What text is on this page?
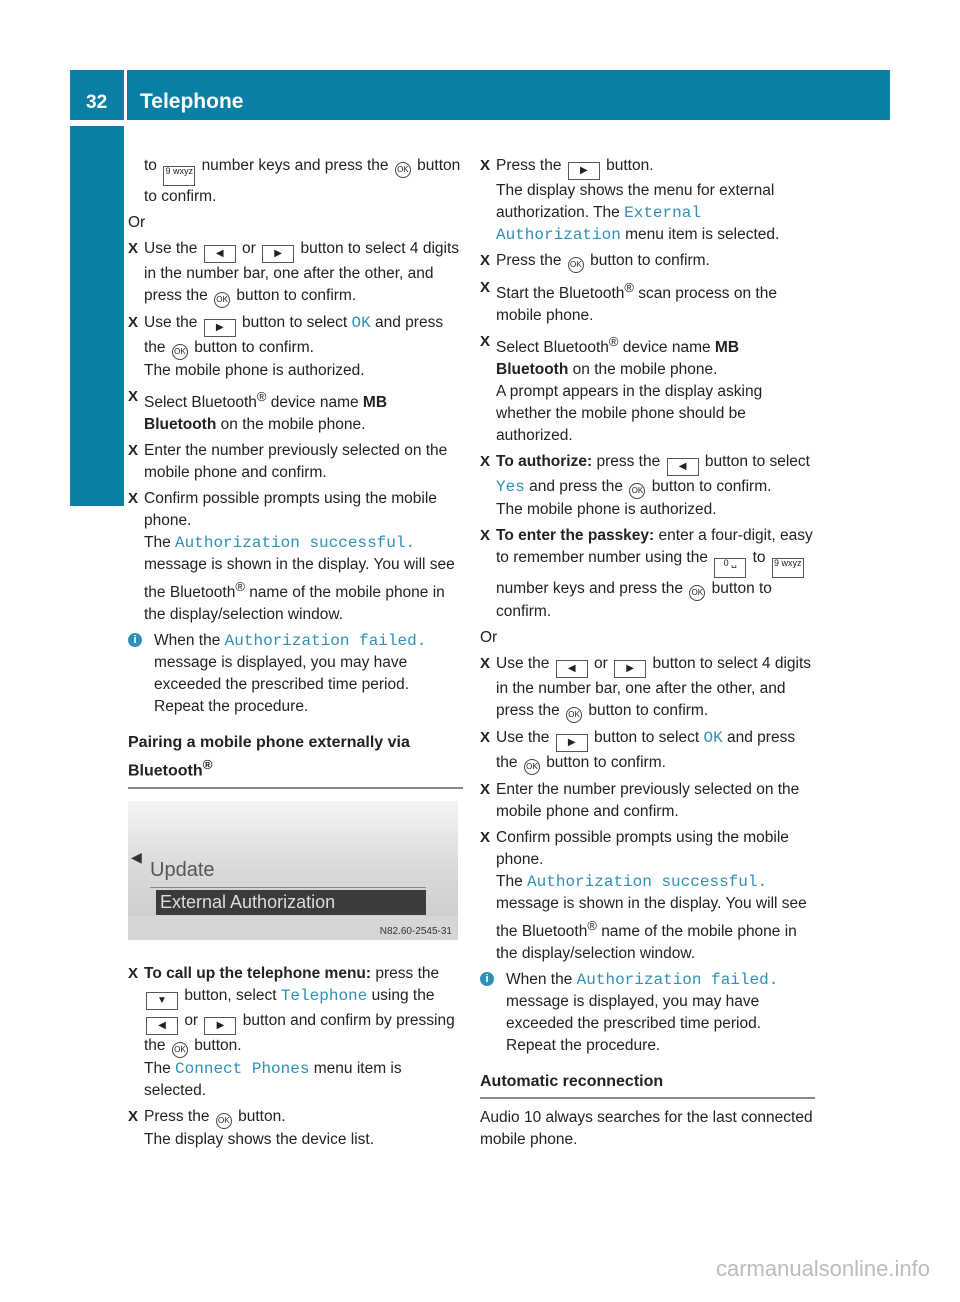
32 Telephone
Bluetooth®

to 9 wxyz number keys and press the OK button to confirm.

Or

X Use the ◀ or ▶ button to select 4 digits in the number bar, one after the other, and press the OK button to confirm.
X Use the ▶ button to select OK and press the OK button to confirm.
The mobile phone is authorized.
X Select Bluetooth® device name MB Bluetooth on the mobile phone.
X Enter the number previously selected on the mobile phone and confirm.
X Confirm possible prompts using the mobile phone.
The Authorization successful. message is shown in the display. You will see the Bluetooth® name of the mobile phone in the display/selection window.
i	When the Authorization failed. message is displayed, you may have exceeded the prescribed time period. Repeat the procedure.
Pairing a mobile phone externally via Bluetooth®
◀
Update
External Authorization
N82.60-2545-31
X To call up the telephone menu: press the ▼ button, select Telephone using the ◀ or ▶ button and confirm by pressing the OK button.
The Connect Phones menu item is selected.
X Press the OK button.
The display shows the device list.
X Press the ▶ button.
The display shows the menu for external authorization. The External Authorization menu item is selected.
X Press the OK button to confirm.
X Start the Bluetooth® scan process on the mobile phone.
X Select Bluetooth® device name MB Bluetooth on the mobile phone.
A prompt appears in the display asking whether the mobile phone should be authorized.
X To authorize: press the ◀ button to select Yes and press the OK button to confirm.
The mobile phone is authorized.
X To enter the passkey: enter a four-digit, easy to remember number using the 0 ␣ to 9 wxyz number keys and press the OK button to confirm.

Or

X Use the ◀ or ▶ button to select 4 digits in the number bar, one after the other, and press the OK button to confirm.
X Use the ▶ button to select OK and press the OK button to confirm.
X Enter the number previously selected on the mobile phone and confirm.
X Confirm possible prompts using the mobile phone.
The Authorization successful. message is shown in the display. You will see the Bluetooth® name of the mobile phone in the display/selection window.
i	When the Authorization failed. message is displayed, you may have exceeded the prescribed time period. Repeat the procedure.
Automatic reconnection

Audio 10 always searches for the last connected mobile phone.

carmanualsonline.info
